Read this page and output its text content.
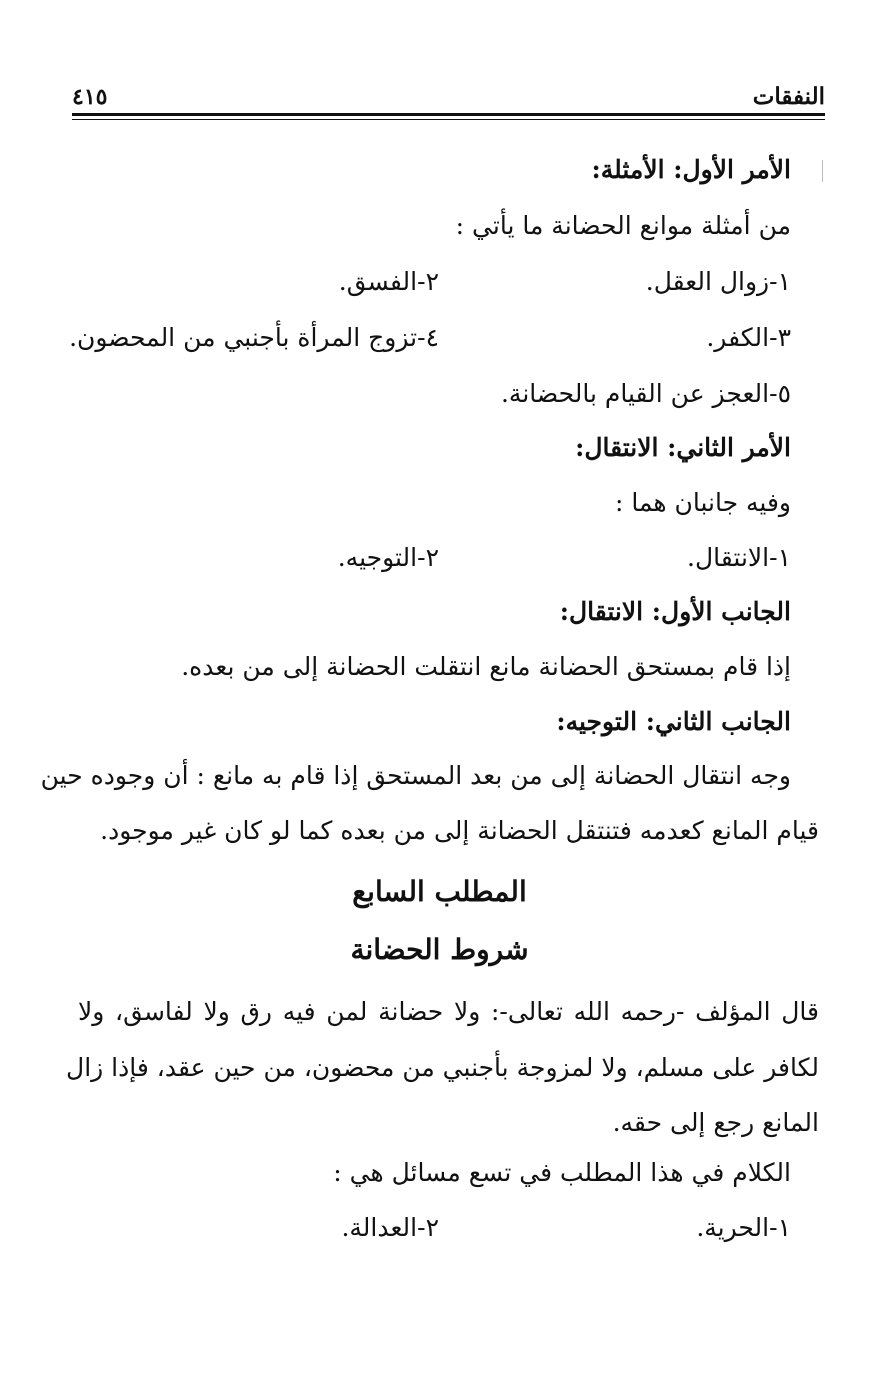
النفقات
٤١٥
الأمر الأول: الأمثلة:
من أمثلة موانع الحضانة ما يأتي :
١-زوال العقل.
٢-الفسق.
٣-الكفر.
٤-تزوج المرأة بأجنبي من المحضون.
٥-العجز عن القيام بالحضانة.
الأمر الثاني: الانتقال:
وفيه جانبان هما :
١-الانتقال.
٢-التوجيه.
الجانب الأول: الانتقال:
إذا قام بمستحق الحضانة مانع انتقلت الحضانة إلى من بعده.
الجانب الثاني: التوجيه:
وجه انتقال الحضانة إلى من بعد المستحق إذا قام به مانع : أن وجوده حين
قيام المانع كعدمه فتنتقل الحضانة إلى من بعده كما لو كان غير موجود.
المطلب السابع
شروط الحضانة
قال المؤلف -رحمه الله تعالى-: ولا حضانة لمن فيه رق ولا لفاسق، ولا
لكافر على مسلم، ولا لمزوجة بأجنبي من محضون، من حين عقد، فإذا زال
المانع رجع إلى حقه.
الكلام في هذا المطلب في تسع مسائل هي :
١-الحرية.
٢-العدالة.
